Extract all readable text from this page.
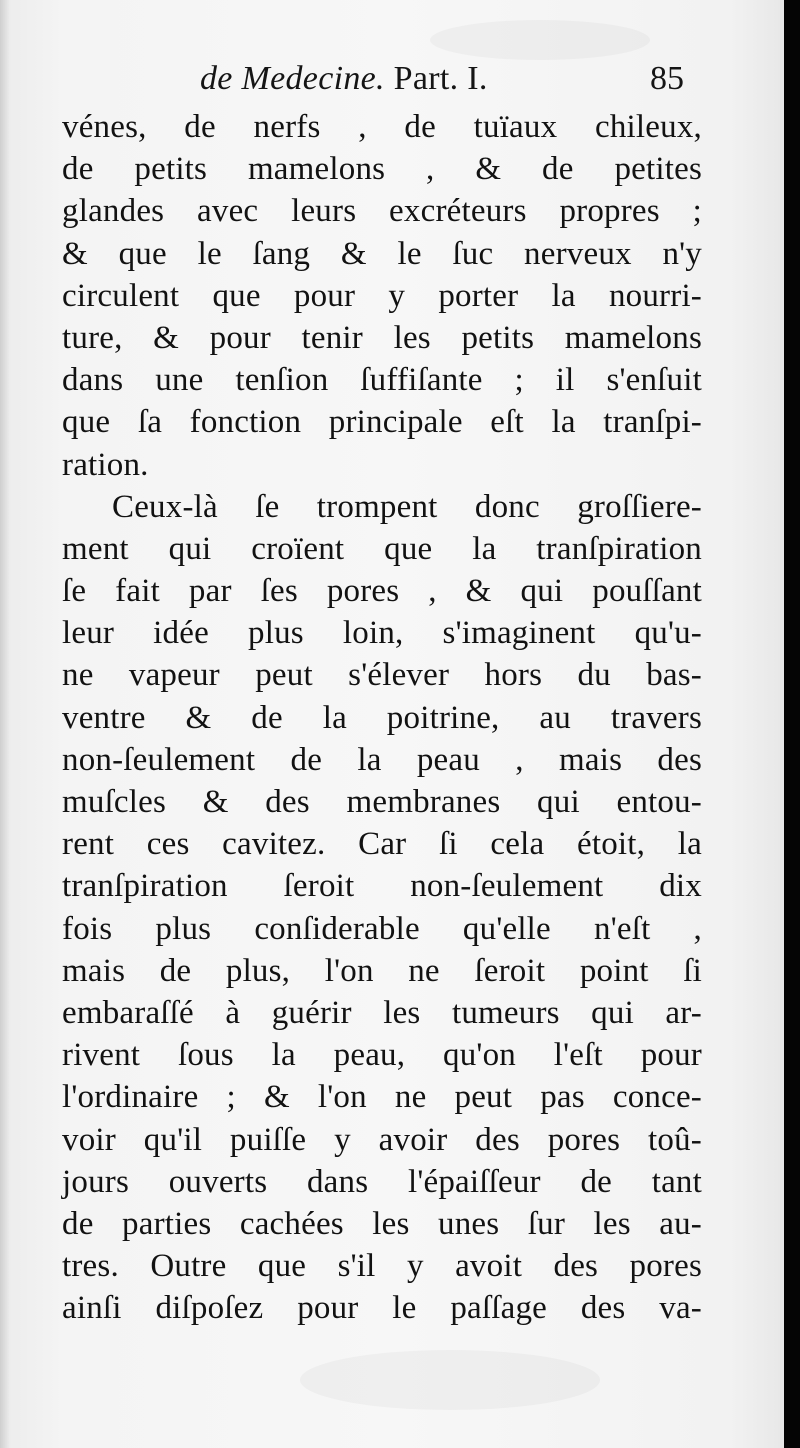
de Medecine. Part. I.	85
vénes, de nerfs , de tuïaux chileux,
de petits mamelons , & de petites
glandes avec leurs excréteurs propres ;
& que le ſang & le ſuc nerveux n'y
circulent que pour y porter la nourri-
ture, & pour tenir les petits mamelons
dans une tenſion ſuffiſante ; il s'enſuit
que ſa fonction principale eſt la tranſpi-
ration.
Ceux-là ſe trompent donc groſſiere-
ment qui croïent que la tranſpiration
ſe fait par ſes pores , & qui pouſſant
leur idée plus loin, s'imaginent qu'u-
ne vapeur peut s'élever hors du bas-
ventre & de la poitrine, au travers
non-ſeulement de la peau , mais des
muſcles & des membranes qui entou-
rent ces cavitez. Car ſi cela étoit, la
tranſpiration ſeroit non-ſeulement dix
fois plus conſiderable qu'elle n'eſt ,
mais de plus, l'on ne ſeroit point ſi
embaraſſé à guérir les tumeurs qui ar-
rivent ſous la peau, qu'on l'eſt pour
l'ordinaire ; & l'on ne peut pas conce-
voir qu'il puiſſe y avoir des pores toû-
jours ouverts dans l'épaiſſeur de tant
de parties cachées les unes ſur les au-
tres. Outre que s'il y avoit des pores
ainſi diſpoſez pour le paſſage des va-
